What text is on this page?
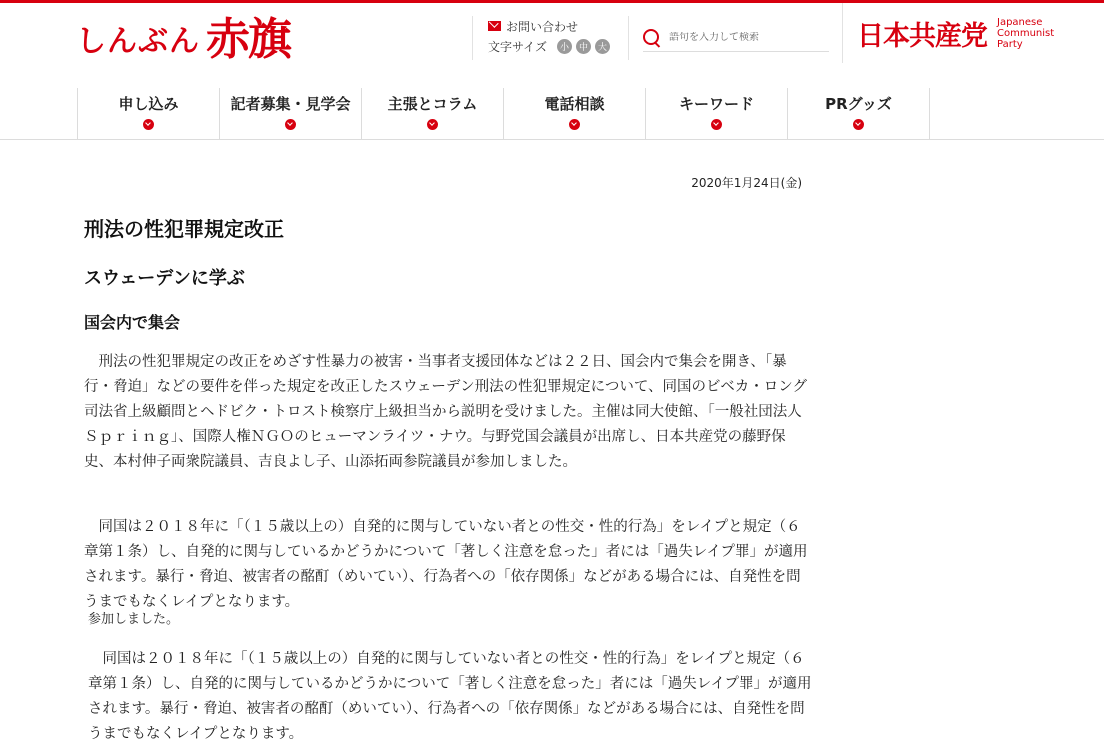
しんぶん 赤旗	お問い合わせ
文字サイズ	小	中	大
語句を入力して検索	日本共産党 Japanese
Communist
Party
申し込み	記者募集・見学会	主張とコラム	電話相談	キーワード	PRグッズ
2020年1月24日(金)
刑法の性犯罪規定改正
スウェーデンに学ぶ
国会内で集会

　刑法の性犯罪規定の改正をめざす性暴力の被害・当事者支援団体などは２２日、国会内で集会を開き、「暴行・脅迫」などの要件を伴った規定を改正したスウェーデン刑法の性犯罪規定について、同国のビベカ・ロング司法省上級顧問とヘドビク・トロスト検察庁上級担当から説明を受けました。主催は同大使館、「一般社団法人Ｓｐｒｉｎｇ」、国際人権ＮＧＯのヒューマンライツ・ナウ。与野党国会議員が出席し、日本共産党の藤野保史、本村伸子両衆院議員、吉良よし子、山添拓両参院議員が参加しました。

　同国は２０１８年に「（１５歳以上の）自発的に関与していない者との性交・性的行為」をレイプと規定（６章第１条）し、自発的に関与しているかどうかについて「著しく注意を怠った」者には「過失レイプ罪」が適用されます。暴行・脅迫、被害者の酩酊（めいてい）、行為者への「依存関係」などがある場合には、自発性を問うまでもなくレイプとなります。

参加しました。

　同国は２０１８年に「（１５歳以上の）自発的に関与していない者との性交・性的行為」をレイプと規定（６章第１条）し、自発的に関与しているかどうかについて「著しく注意を怠った」者には「過失レイプ罪」が適用されます。暴行・脅迫、被害者の酩酊（めいてい）、行為者への「依存関係」などがある場合には、自発性を問うまでもなくレイプとなります。
